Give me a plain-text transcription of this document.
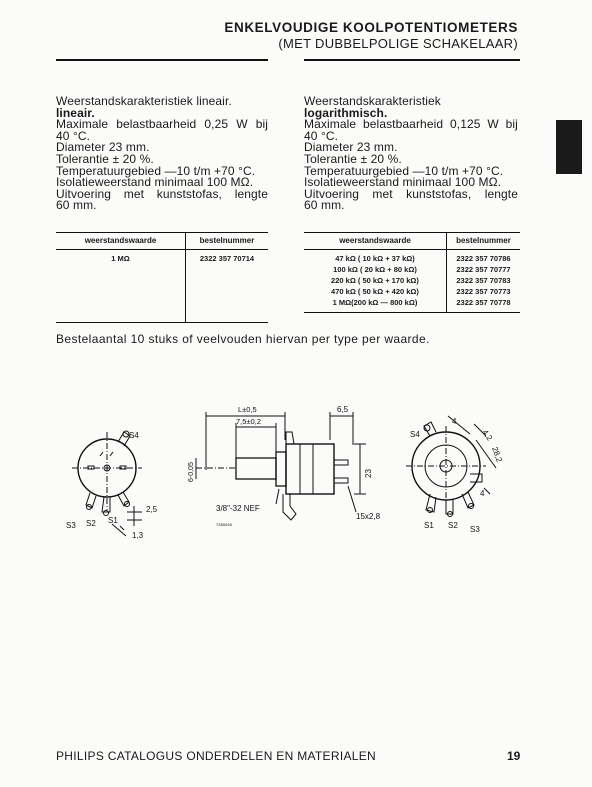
ENKELVOUDIGE KOOLPOTENTIOMETERS
(MET DUBBELPOLIGE SCHAKELAAR)
Weerstandskarakteristiek lineair.
lineair.
Maximale belastbaarheid 0,25 W bij
40 °C.
Diameter 23 mm.
Tolerantie ± 20 %.
Temperatuurgebied —10 t/m +70 °C.
Isolatieweerstand minimaal 100 MΩ.
Uitvoering met kunststofas, lengte
60 mm.
Weerstandskarakteristiek
logarithmisch.
Maximale belastbaarheid 0,125 W bij
40 °C.
Diameter 23 mm.
Tolerantie ± 20 %.
Temperatuurgebied —10 t/m +70 °C.
Isolatieweerstand minimaal 100 MΩ.
Uitvoering met kunststofas, lengte
60 mm.
weerstandswaarde	bestelnummer
1 MΩ	2322 357 70714

weerstandswaarde	bestelnummer
47 kΩ ( 10 kΩ + 37 kΩ)	2322 357 70786
100 kΩ ( 20 kΩ + 80 kΩ)	2322 357 70777
220 kΩ ( 50 kΩ + 170 kΩ)	2322 357 70783
470 kΩ ( 50 kΩ + 420 kΩ)	2322 357 70773
1 MΩ(200 kΩ — 800 kΩ)	2322 357 70778
Bestelaantal 10 stuks of veelvouden hiervan per type per waarde.
S4
2,5
S3 S2 S1
1,3
L±0,5
7,5±0,2
6,5
6-0,05	23
3/8"-32 NEF
15x2,8
7Z80026
S4
4
4,2
28,2
4
S1 S2 S3
PHILIPS CATALOGUS ONDERDELEN EN MATERIALEN	19
